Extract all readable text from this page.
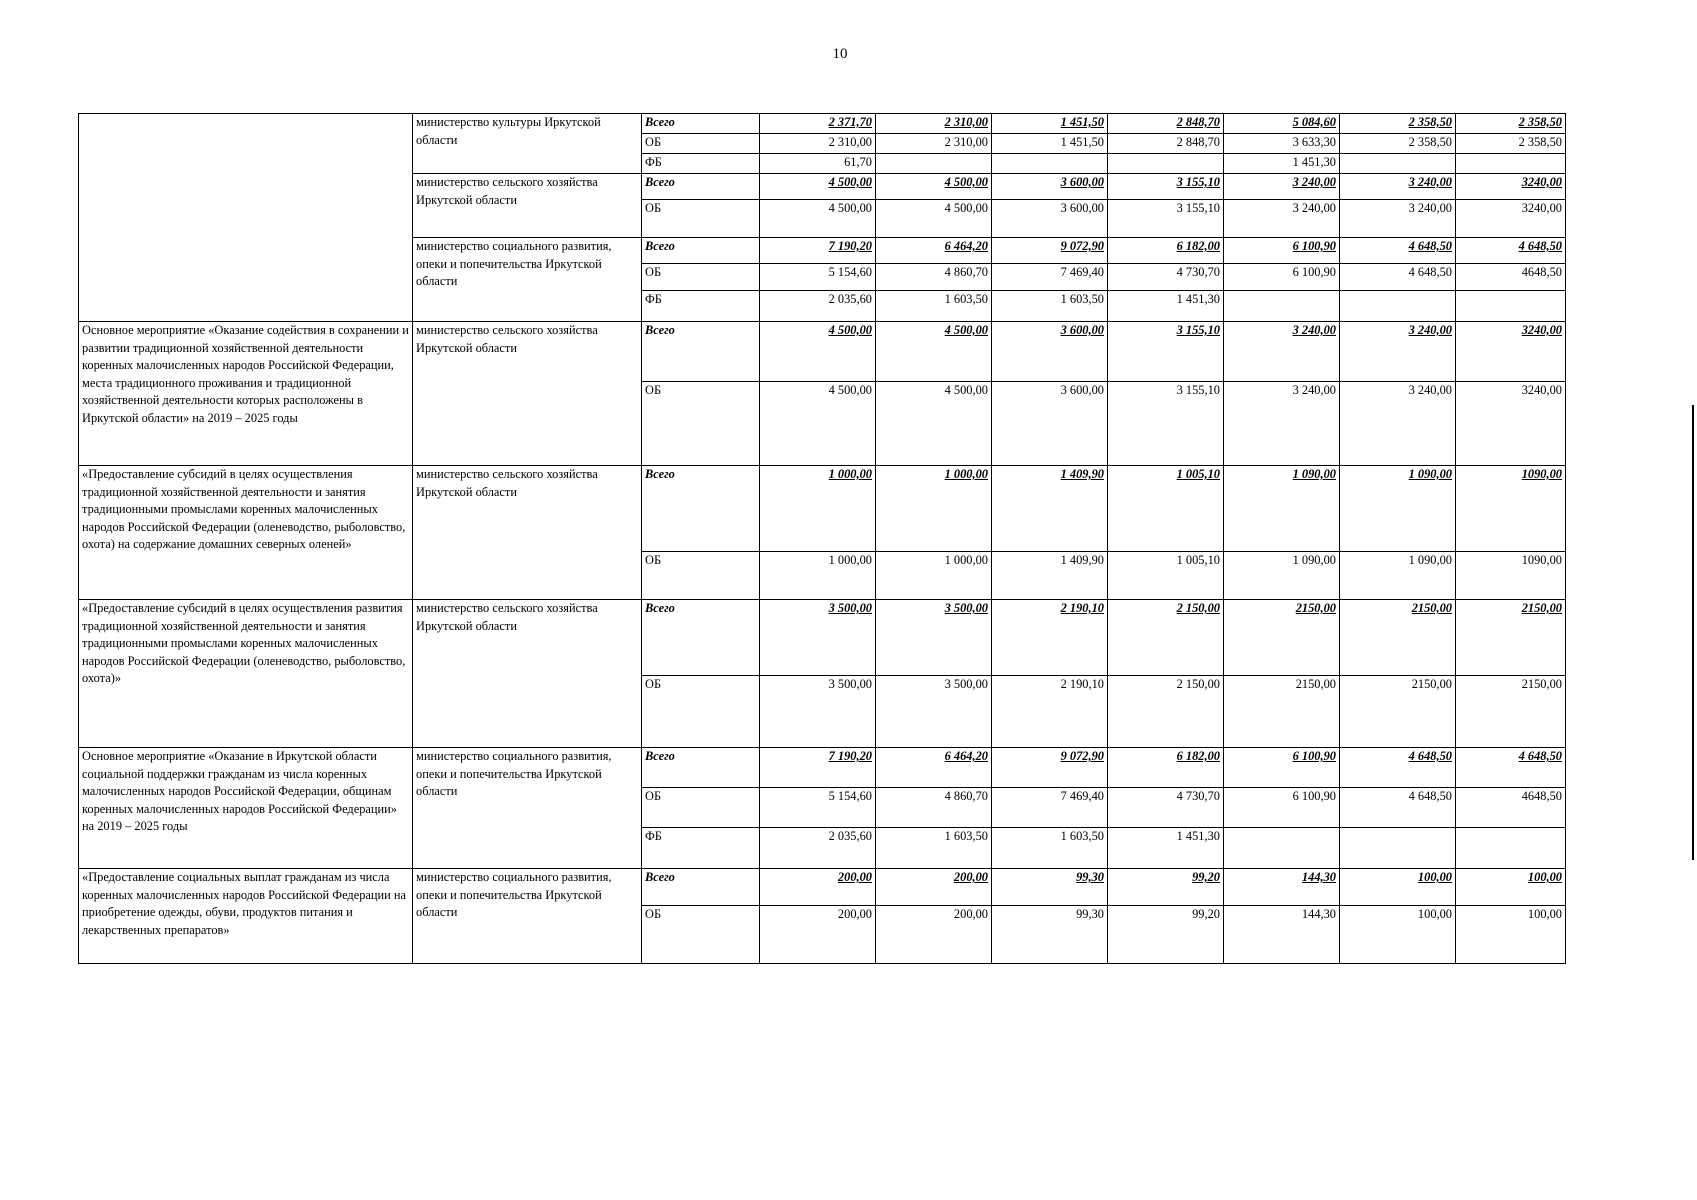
10
	министерство культуры Иркутской области	Всего	2 371,70	2 310,00	1 451,50	2 848,70	5 084,60	2 358,50	2 358,50
		ОБ	2 310,00	2 310,00	1 451,50	2 848,70	3 633,30	2 358,50	2 358,50
		ФБ	61,70				1 451,30		
	министерство сельского хозяйства Иркутской области	Всего	4 500,00	4 500,00	3 600,00	3 155,10	3 240,00	3 240,00	3240,00
		ОБ	4 500,00	4 500,00	3 600,00	3 155,10	3 240,00	3 240,00	3240,00
	министерство социального развития, опеки и попечительства Иркутской области	Всего	7 190,20	6 464,20	9 072,90	6 182,00	6 100,90	4 648,50	4 648,50
		ОБ	5 154,60	4 860,70	7 469,40	4 730,70	6 100,90	4 648,50	4648,50
		ФБ	2 035,60	1 603,50	1 603,50	1 451,30			
Основное мероприятие «Оказание содействия в сохранении и развитии традиционной хозяйственной деятельности коренных малочисленных народов Российской Федерации, места традиционного проживания и традиционной хозяйственной деятельности которых расположены в Иркутской области» на 2019 – 2025 годы	министерство сельского хозяйства Иркутской области	Всего	4 500,00	4 500,00	3 600,00	3 155,10	3 240,00	3 240,00	3240,00
		ОБ	4 500,00	4 500,00	3 600,00	3 155,10	3 240,00	3 240,00	3240,00
«Предоставление субсидий в целях осуществления традиционной хозяйственной деятельности и занятия традиционными промыслами коренных малочисленных народов Российской Федерации (оленеводство, рыболовство, охота) на содержание домашних северных оленей»	министерство сельского хозяйства Иркутской области	Всего	1 000,00	1 000,00	1 409,90	1 005,10	1 090,00	1 090,00	1090,00
		ОБ	1 000,00	1 000,00	1 409,90	1 005,10	1 090,00	1 090,00	1090,00
«Предоставление субсидий в целях осуществления развития традиционной хозяйственной деятельности и занятия традиционными промыслами коренных малочисленных народов Российской Федерации (оленеводство, рыболовство, охота)»	министерство сельского хозяйства Иркутской области	Всего	3 500,00	3 500,00	2 190,10	2 150,00	2150,00	2150,00	2150,00
		ОБ	3 500,00	3 500,00	2 190,10	2 150,00	2150,00	2150,00	2150,00
Основное мероприятие «Оказание в Иркутской области социальной поддержки гражданам из числа коренных малочисленных народов Российской Федерации, общинам коренных малочисленных народов Российской Федерации» на 2019 – 2025 годы	министерство социального развития, опеки и попечительства Иркутской области	Всего	7 190,20	6 464,20	9 072,90	6 182,00	6 100,90	4 648,50	4 648,50
		ОБ	5 154,60	4 860,70	7 469,40	4 730,70	6 100,90	4 648,50	4648,50
		ФБ	2 035,60	1 603,50	1 603,50	1 451,30			
«Предоставление социальных выплат гражданам из числа коренных малочисленных народов Российской Федерации на приобретение одежды, обуви, продуктов питания и лекарственных препаратов»	министерство социального развития, опеки и попечительства Иркутской области	Всего	200,00	200,00	99,30	99,20	144,30	100,00	100,00
		ОБ	200,00	200,00	99,30	99,20	144,30	100,00	100,00
